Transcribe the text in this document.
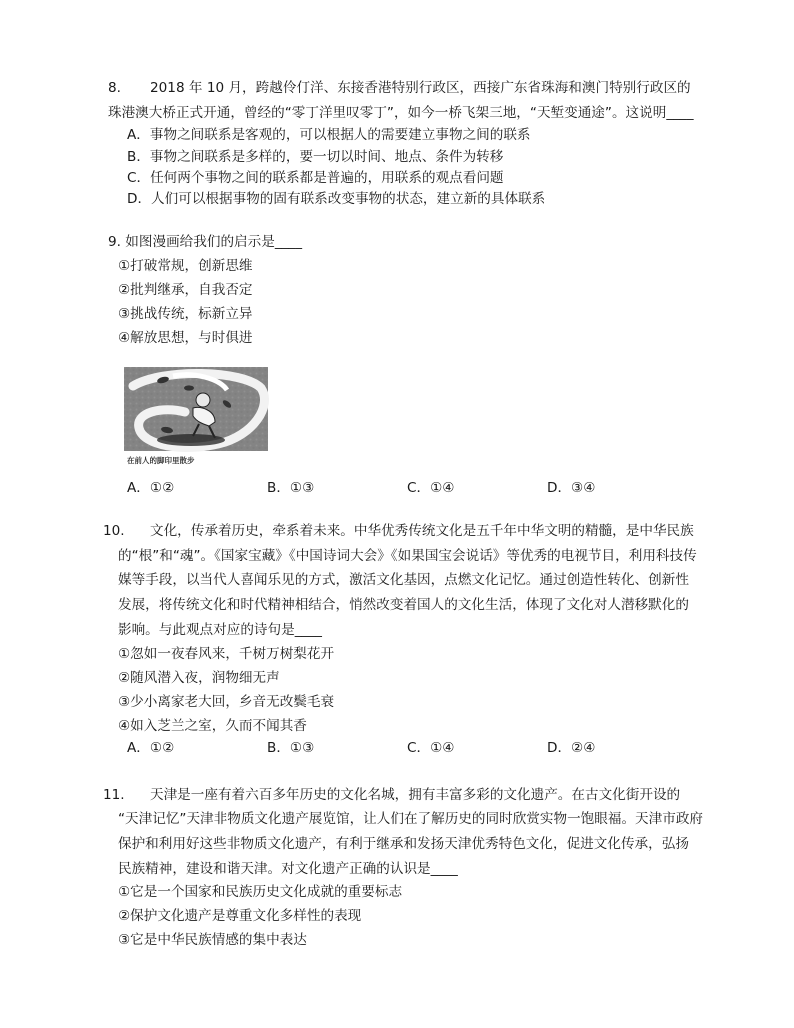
8. 2018 年 10 月，跨越伶仃洋、东接香港特别行政区，西接广东省珠海和澳门特别行政区的
珠港澳大桥正式开通，曾经的“零丁洋里叹零丁”，如今一桥飞架三地，“天堑变通途”。这说明____
A．事物之间联系是客观的，可以根据人的需要建立事物之间的联系
B．事物之间联系是多样的，要一切以时间、地点、条件为转移
C．任何两个事物之间的联系都是普遍的，用联系的观点看问题
D．人们可以根据事物的固有联系改变事物的状态，建立新的具体联系
9. 如图漫画给我们的启示是____
①打破常规，创新思维
②批判继承，自我否定
③挑战传统，标新立异
④解放思想，与时俱进
在前人的脚印里散步
A．①②	B．①③	C．①④	D．③④
10. 文化，传承着历史，牵系着未来。中华优秀传统文化是五千年中华文明的精髓，是中华民族
的“根”和“魂”。《国家宝藏》《中国诗词大会》《如果国宝会说话》等优秀的电视节目，利用科技传
媒等手段，以当代人喜闻乐见的方式，激活文化基因，点燃文化记忆。通过创造性转化、创新性
发展，将传统文化和时代精神相结合，悄然改变着国人的文化生活，体现了文化对人潜移默化的
影响。与此观点对应的诗句是____
①忽如一夜春风来，千树万树梨花开
②随风潜入夜，润物细无声
③少小离家老大回，乡音无改鬓毛衰
④如入芝兰之室，久而不闻其香
A．①②	B．①③	C．①④	D．②④
11. 天津是一座有着六百多年历史的文化名城，拥有丰富多彩的文化遗产。在古文化街开设的
“天津记忆”天津非物质文化遗产展览馆，让人们在了解历史的同时欣赏实物一饱眼福。天津市政府
保护和利用好这些非物质文化遗产，有利于继承和发扬天津优秀特色文化，促进文化传承，弘扬
民族精神，建设和谐天津。对文化遗产正确的认识是____
①它是一个国家和民族历史文化成就的重要标志
②保护文化遗产是尊重文化多样性的表现
③它是中华民族情感的集中表达
